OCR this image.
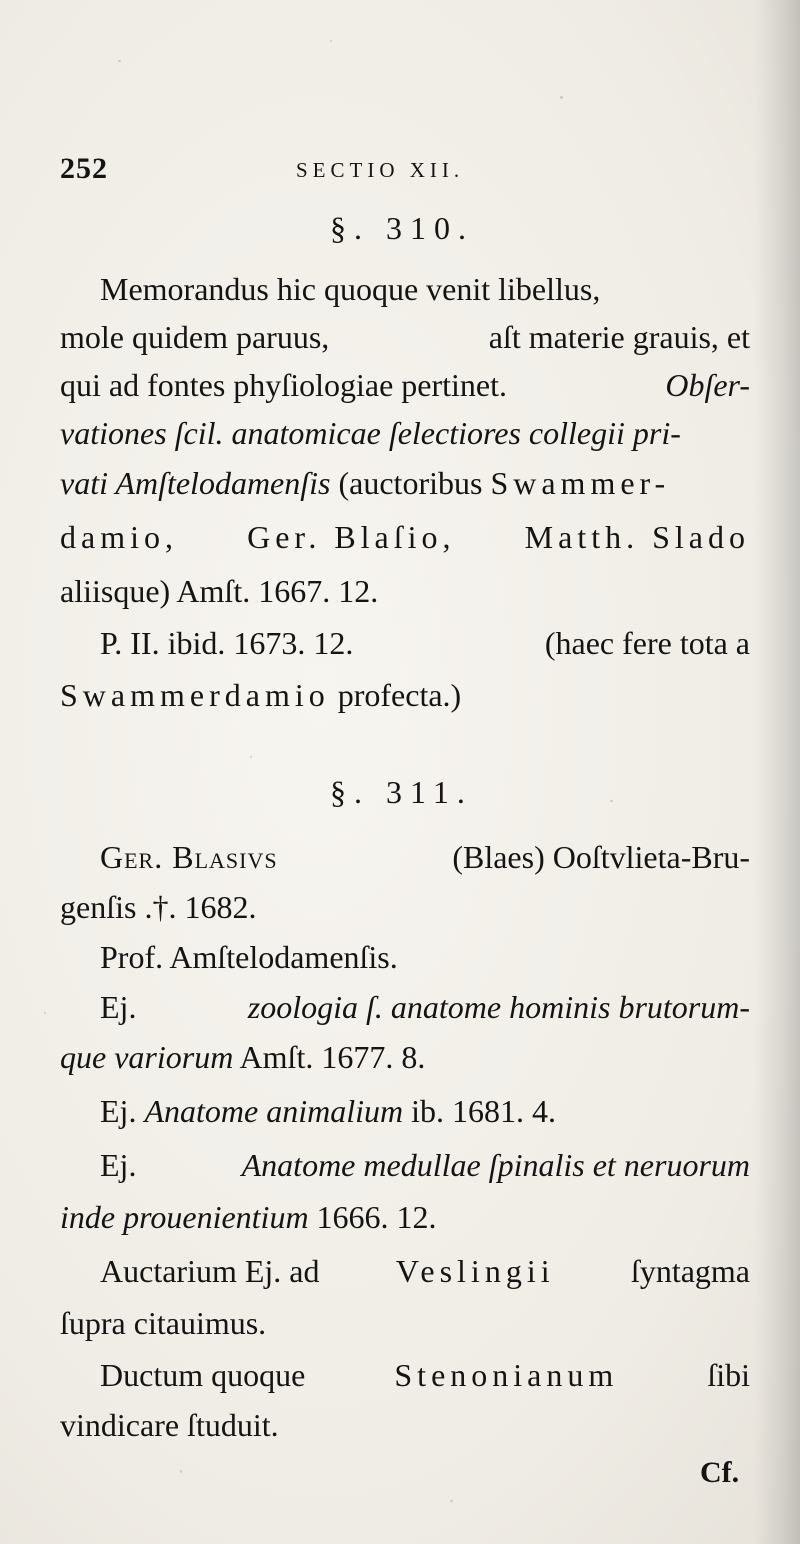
252	SECTIO XII.
§. 310.
Memorandus hic quoque venit libellus,
mole quidem paruus,	aſt materie grauis, et
qui ad fontes phyſiologiae pertinet.	Obſer-
vationes ſcil. anatomicae ſelectiores collegii pri-
vati Amſtelodamenſis (auctoribus Swammer-
damio, Ger. Blaſio, Matth. Slado
aliisque) Amſt. 1667. 12.
P. II. ibid. 1673. 12.	(haec fere tota a
Swammerdamio profecta.)
§. 311.
Ger. Blasivs	(Blaes) Ooſtvlieta-Bru-
genſis .†. 1682.
Prof. Amſtelodamenſis.
Ej.	zoologia ſ. anatome hominis brutorum-
que variorum Amſt. 1677. 8.
Ej. Anatome animalium ib. 1681. 4.
Ej.	Anatome medullae ſpinalis et neruorum
inde prouenientium 1666. 12.
Auctarium Ej. ad Veslingii ſyntagma
ſupra citauimus.
Ductum quoque	Stenonianum	ſibi
vindicare ſtuduit.
Cf.
